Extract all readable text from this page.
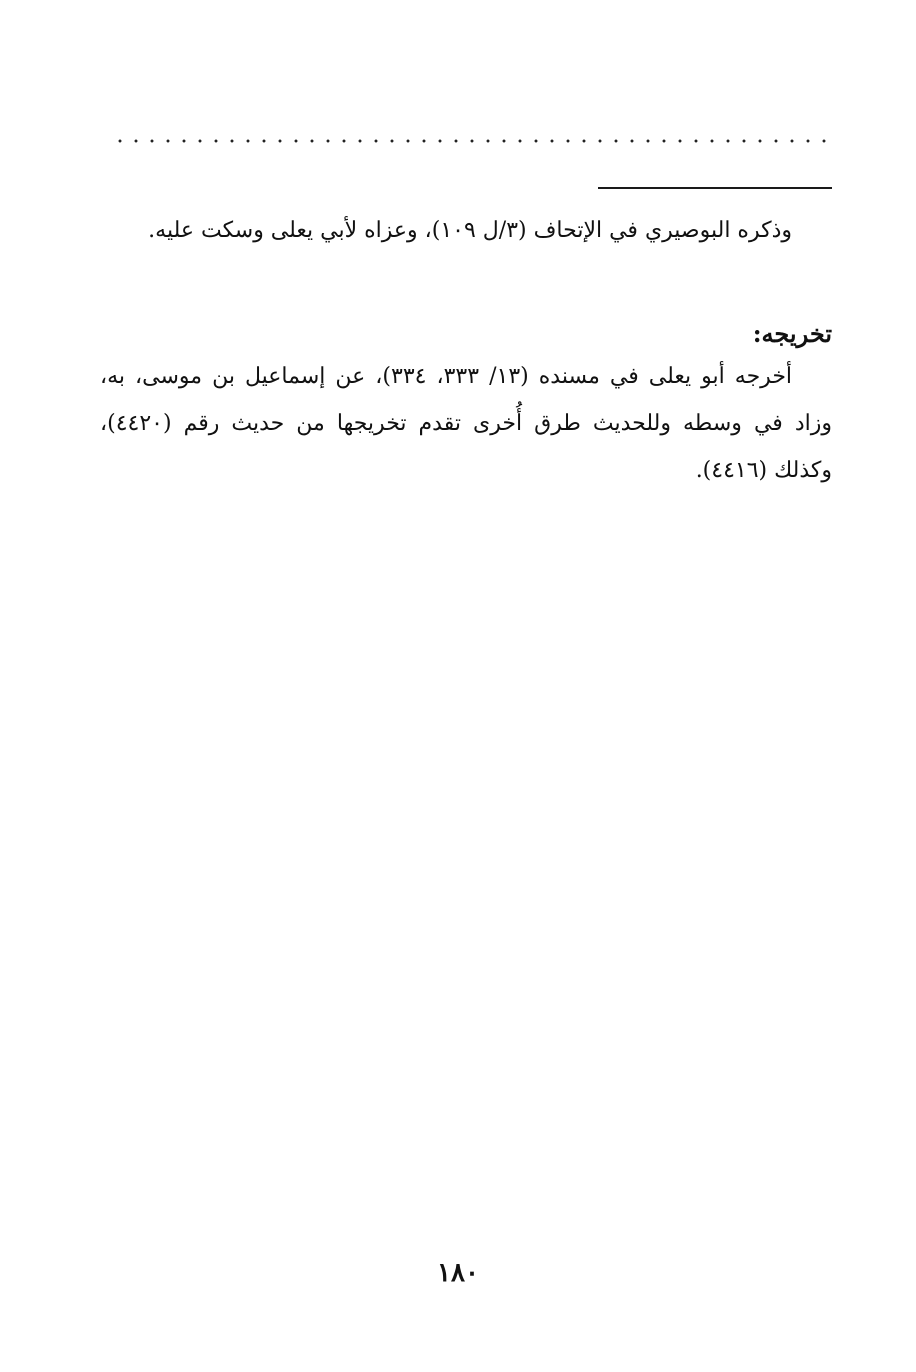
وذكره البوصيري في الإتحاف (٣/ل ١٠٩)، وعزاه لأبي يعلى وسكت عليه.

تخريجه:

أخرجه أبو يعلى في مسنده (١٣/ ٣٣٣، ٣٣٤)، عن إسماعيل بن موسى، به، وزاد في وسطه وللحديث طرق أُخرى تقدم تخريجها من حديث رقم (٤٤٢٠)، وكذلك (٤٤١٦).

١٨٠
